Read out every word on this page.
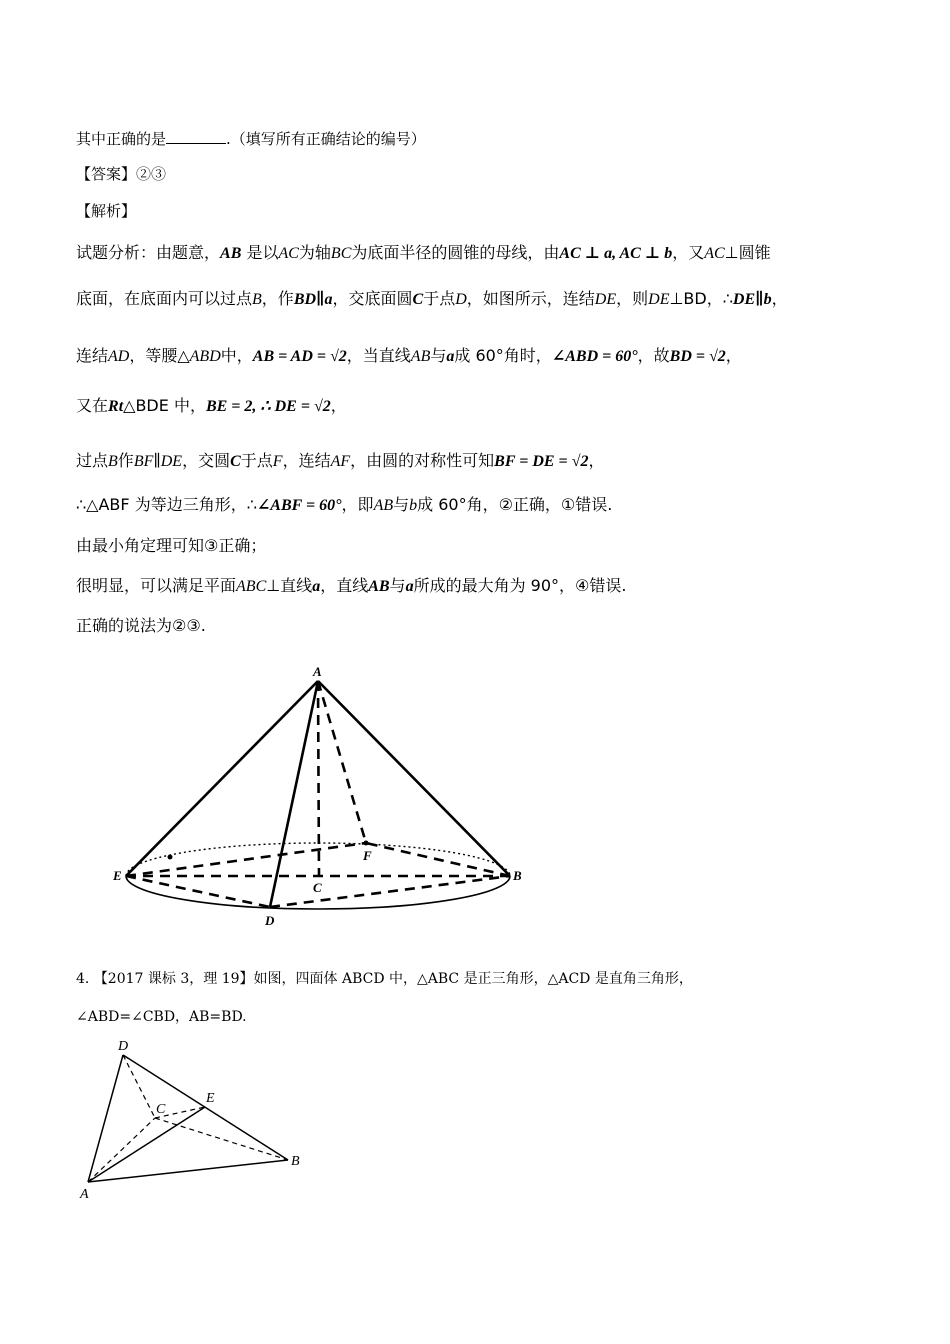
其中正确的是	.（填写所有正确结论的编号）
【答案】②③
【解析】
试题分析：由题意，AB 是以AC为轴BC为底面半径的圆锥的母线，由AC ⊥ a, AC ⊥ b，又AC⊥圆锥
底面，在底面内可以过点B，作BD∥a，交底面圆C于点D，如图所示，连结DE，则DE⊥BD，∴DE∥b，
连结AD，等腰△ABD中，AB = AD = √2，当直线AB与a成 60°角时，∠ABD = 60°，故BD = √2，
又在Rt△BDE 中，BE = 2, ∴ DE = √2，
过点B作BF∥DE，交圆C于点F，连结AF，由圆的对称性可知BF = DE = √2，
∴△ABF 为等边三角形，∴∠ABF = 60°，即AB与b成 60°角，②正确，①错误.
由最小角定理可知③正确；
很明显，可以满足平面ABC⊥直线a，直线AB与a所成的最大角为 90°，④错误.
正确的说法为②③.
A
E	B
C
D
F
4. 【2017 课标 3，理 19】如图，四面体 ABCD 中，△ABC 是正三角形，△ACD 是直角三角形，
∠ABD=∠CBD，AB=BD.
D
C
E
B
A
